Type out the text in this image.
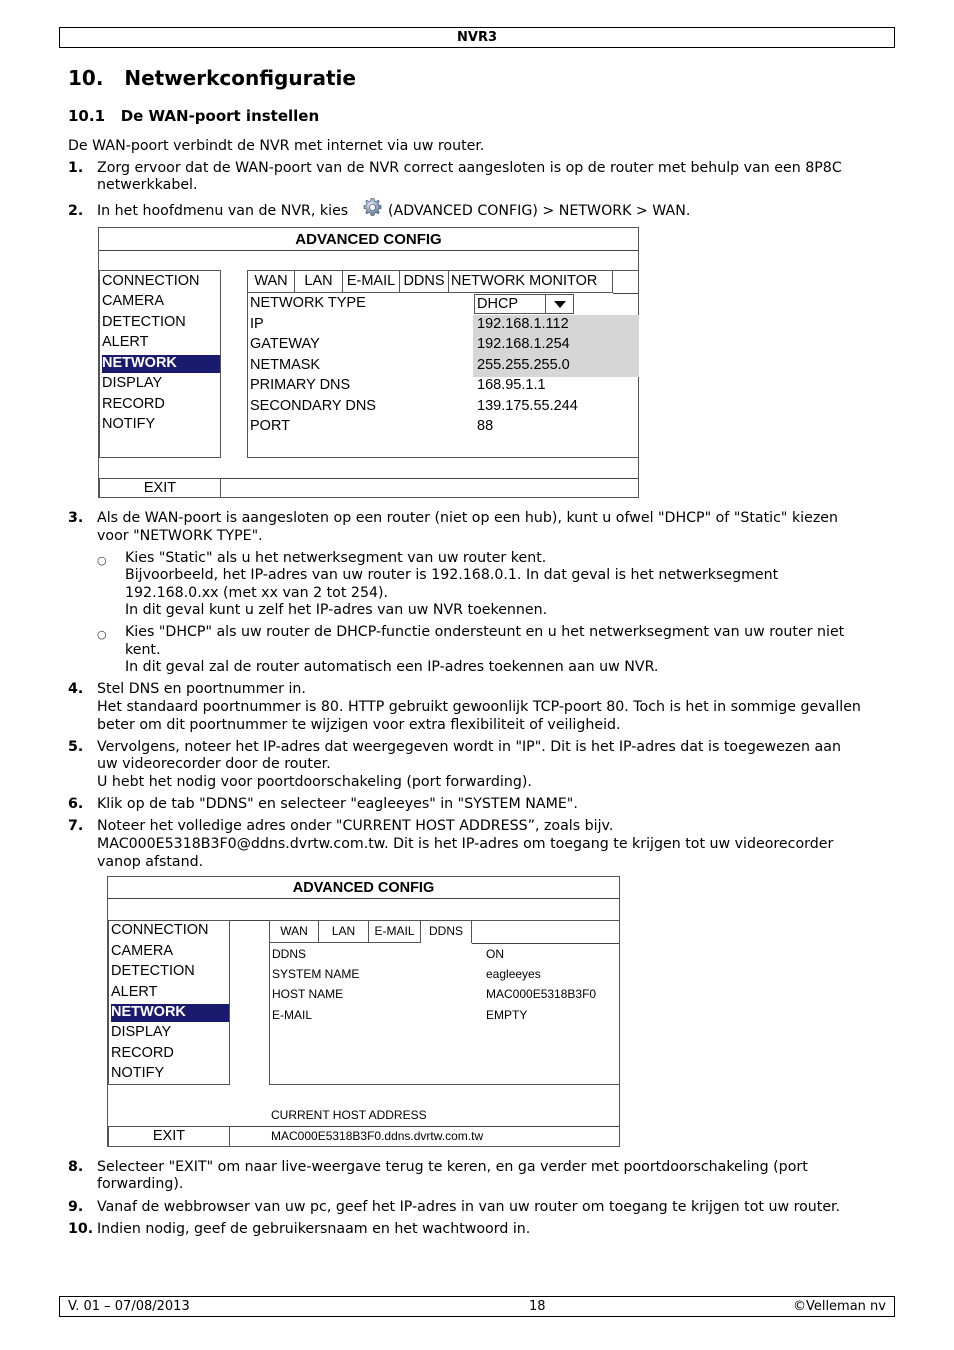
NVR3
10. Netwerkconfiguratie
10.1 De WAN-poort instellen
De WAN-poort verbindt de NVR met internet via uw router.
1. Zorg ervoor dat de WAN-poort van de NVR correct aangesloten is op de router met behulp van een 8P8C
netwerkkabel.
2. In het hoofdmenu van de NVR, kies	(ADVANCED CONFIG) > NETWORK > WAN.
ADVANCED CONFIG
CONNECTION
CAMERA
DETECTION
ALERT
NETWORK
DISPLAY
RECORD
NOTIFY
WAN	LAN E-MAIL DDNS NETWORK MONITOR
NETWORK TYPE	DHCP
IP	192.168.1.112
GATEWAY	192.168.1.254
NETMASK	255.255.255.0
PRIMARY DNS	168.95.1.1
SECONDARY DNS	139.175.55.244
PORT	88
EXIT
3. Als de WAN-poort is aangesloten op een router (niet op een hub), kunt u ofwel "DHCP" of "Static" kiezen
voor "NETWORK TYPE".
○ Kies "Static" als u het netwerksegment van uw router kent.
Bijvoorbeeld, het IP-adres van uw router is 192.168.0.1. In dat geval is het netwerksegment
192.168.0.xx (met xx van 2 tot 254).
In dit geval kunt u zelf het IP-adres van uw NVR toekennen.
○ Kies "DHCP" als uw router de DHCP-functie ondersteunt en u het netwerksegment van uw router niet
kent.
In dit geval zal de router automatisch een IP-adres toekennen aan uw NVR.
4. Stel DNS en poortnummer in.
Het standaard poortnummer is 80. HTTP gebruikt gewoonlijk TCP-poort 80. Toch is het in sommige gevallen
beter om dit poortnummer te wijzigen voor extra flexibiliteit of veiligheid.
5. Vervolgens, noteer het IP-adres dat weergegeven wordt in "IP". Dit is het IP-adres dat is toegewezen aan
uw videorecorder door de router.
U hebt het nodig voor poortdoorschakeling (port forwarding).
6. Klik op de tab "DDNS" en selecteer "eagleeyes" in "SYSTEM NAME".
7. Noteer het volledige adres onder "CURRENT HOST ADDRESS”, zoals bijv.
MAC000E5318B3F0@ddns.dvrtw.com.tw. Dit is het IP-adres om toegang te krijgen tot uw videorecorder
vanop afstand.
ADVANCED CONFIG
CONNECTION
CAMERA
DETECTION
ALERT
NETWORK
DISPLAY
RECORD
NOTIFY
WAN	LAN	E-MAIL	DDNS
DDNS	ON
SYSTEM NAME	eagleeyes
HOST NAME	MAC000E5318B3F0
E-MAIL	EMPTY
CURRENT HOST ADDRESS
EXIT	MAC000E5318B3F0.ddns.dvrtw.com.tw
8. Selecteer "EXIT" om naar live-weergave terug te keren, en ga verder met poortdoorschakeling (port
forwarding).
9. Vanaf de webbrowser van uw pc, geef het IP-adres in van uw router om toegang te krijgen tot uw router.
10. Indien nodig, geef de gebruikersnaam en het wachtwoord in.
V. 01 – 07/08/2013	18	©Velleman nv
